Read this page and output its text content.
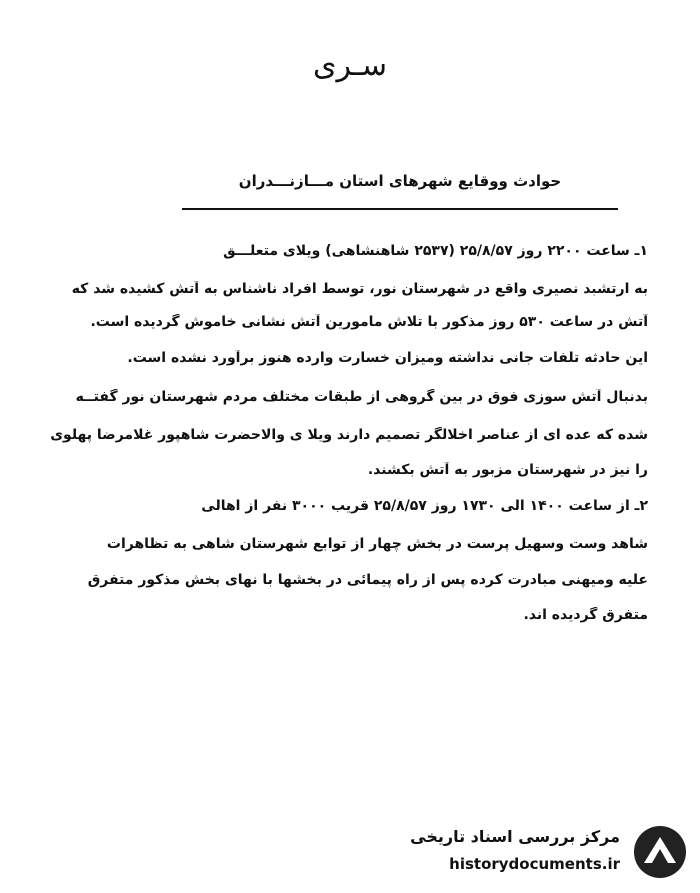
سـری
حوادث ووقایع شهرهای استان مـــازنـــدران
۱ـ ساعت ۲۲۰۰ روز ۲۵/۸/۵۷ (۲۵۳۷ شاهنشاهی) ویلای متعلـــق
به ارتشبد نصیری واقع در شهرستان نور، توسط افراد ناشناس به آتش کشیده شد که
آتش در ساعت ۵۳۰ روز مذکور با تلاش مامورین آتش نشانی خاموش گردیده است.
این حادثه تلفات جانی نداشته ومیزان خسارت وارده هنوز برآورد نشده است.
بدنبال آتش سوزی فوق در بین گروهی از طبقات مختلف مردم شهرستان نور گفتــه
شده که عده ای از عناصر اخلالگر تصمیم دارند ویلا ی والاحضرت شاهپور غلامرضا پهلوی
را نیز در شهرستان مزبور به آتش بکشند.
۲ـ از ساعت ۱۴۰۰ الی ۱۷۳۰ روز ۲۵/۸/۵۷ قریب ۳۰۰۰ نفر از اهالی
شاهد وست وسهیل پرست در بخش چهار از توابع شهرستان شاهی به تظاهرات
علیه ومیهنی مبادرت کرده پس از راه پیمائی در بخشها با نهای بخش مذکور متفرق
متفرق گردیده اند.
مرکز بررسی اسناد تاریخی
historydocuments.ir
